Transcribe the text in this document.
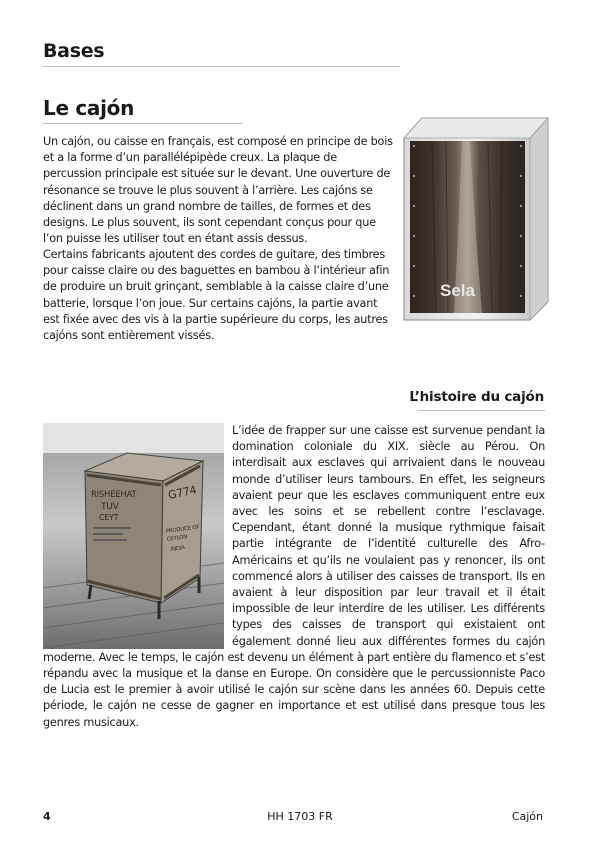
Bases
Le cajón

Un cajón, ou caisse en français, est composé en principe de bois et a la forme d’un parallélépipède creux. La plaque de percussion principale est située sur le devant. Une ouverture de résonance se trouve le plus souvent à l’arrière. Les cajóns se déclinent dans un grand nombre de tailles, de formes et des designs. Le plus souvent, ils sont cependant conçus pour que l’on puisse les utiliser tout en étant assis dessus.

Certains fabricants ajoutent des cordes de guitare, des timbres pour caisse claire ou des baguettes en bambou à l’intérieur afin de produire un bruit grinçant, semblable à la caisse claire d’une batterie, lorsque l’on joue. Sur certains cajóns, la partie avant est fixée avec des vis à la partie supérieure du corps, les autres cajóns sont entièrement vissés.

Sela
L’histoire du cajón
RISHEEHAT
TUV
CEYT
G774
PRODUCE OF
CEYLON
INDIA
L’idée de frapper sur une caisse est survenue pendant la domination coloniale du XIX. siècle au Pérou. On interdisait aux esclaves qui arrivaient dans le nouveau monde d’utiliser leurs tambours. En effet, les seigneurs avaient peur que les esclaves communiquent entre eux avec les soins et se rebellent contre l’esclavage. Cependant, étant donné la musique rythmique faisait partie intégrante de l’identité culturelle des Afro-Américains et qu’ils ne voulaient pas y renoncer, ils ont commencé alors à utiliser des caisses de transport. Ils en avaient à leur disposition par leur travail et il était impossible de leur interdire de les utiliser. Les différents types des caisses de transport qui existaient ont également donné lieu aux différentes formes du cajón moderne. Avec le temps, le cajón est devenu un élément à part entière du flamenco et s’est répandu avec la musique et la danse en Europe. On considère que le percussionniste Paco de Lucia est le premier à avoir utilisé le cajón sur scène dans les années 60. Depuis cette période, le cajón ne cesse de gagner en importance et est utilisé dans presque tous les genres musicaux.
4	HH 1703 FR	Cajón
